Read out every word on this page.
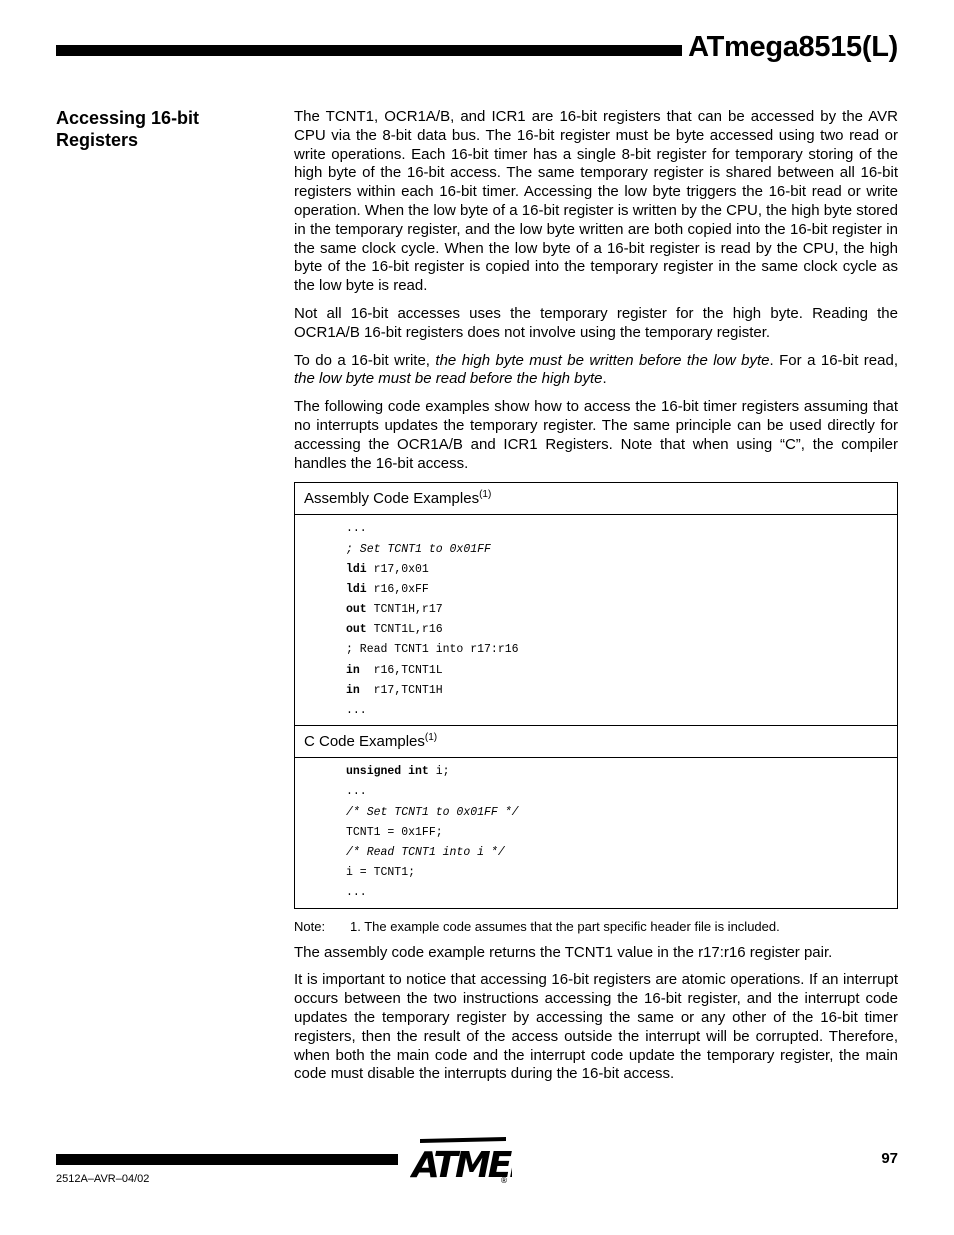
ATmega8515(L)
Accessing 16-bit Registers

The TCNT1, OCR1A/B, and ICR1 are 16-bit registers that can be accessed by the AVR CPU via the 8-bit data bus. The 16-bit register must be byte accessed using two read or write operations. Each 16-bit timer has a single 8-bit register for temporary storing of the high byte of the 16-bit access. The same temporary register is shared between all 16-bit registers within each 16-bit timer. Accessing the low byte triggers the 16-bit read or write operation. When the low byte of a 16-bit register is written by the CPU, the high byte stored in the temporary register, and the low byte written are both copied into the 16-bit register in the same clock cycle. When the low byte of a 16-bit register is read by the CPU, the high byte of the 16-bit register is copied into the temporary register in the same clock cycle as the low byte is read.

Not all 16-bit accesses uses the temporary register for the high byte. Reading the OCR1A/B 16-bit registers does not involve using the temporary register.

To do a 16-bit write, the high byte must be written before the low byte. For a 16-bit read, the low byte must be read before the high byte.

The following code examples show how to access the 16-bit timer registers assuming that no interrupts updates the temporary register. The same principle can be used directly for accessing the OCR1A/B and ICR1 Registers. Note that when using “C”, the compiler handles the 16-bit access.

Assembly Code Examples$^{(1)}$
...
; Set TCNT1 to 0x01FF
ldi r17,0x01
ldi r16,0xFF
out TCNT1H,r17
out TCNT1L,r16
; Read TCNT1 into r17:r16
in  r16,TCNT1L
in  r17,TCNT1H
...
C Code Examples$^{(1)}$
unsigned int i;
...
/* Set TCNT1 to 0x01FF */
TCNT1 = 0x1FF;
/* Read TCNT1 into i */
i = TCNT1;
...
Note: 1. The example code assumes that the part specific header file is included.

The assembly code example returns the TCNT1 value in the r17:r16 register pair.

It is important to notice that accessing 16-bit registers are atomic operations. If an interrupt occurs between the two instructions accessing the 16-bit register, and the interrupt code updates the temporary register by accessing the same or any other of the 16-bit timer registers, then the result of the access outside the interrupt will be corrupted. Therefore, when both the main code and the interrupt code update the temporary register, the main code must disable the interrupts during the 16-bit access.

2512A–AVR–04/02
97
ATME
®
